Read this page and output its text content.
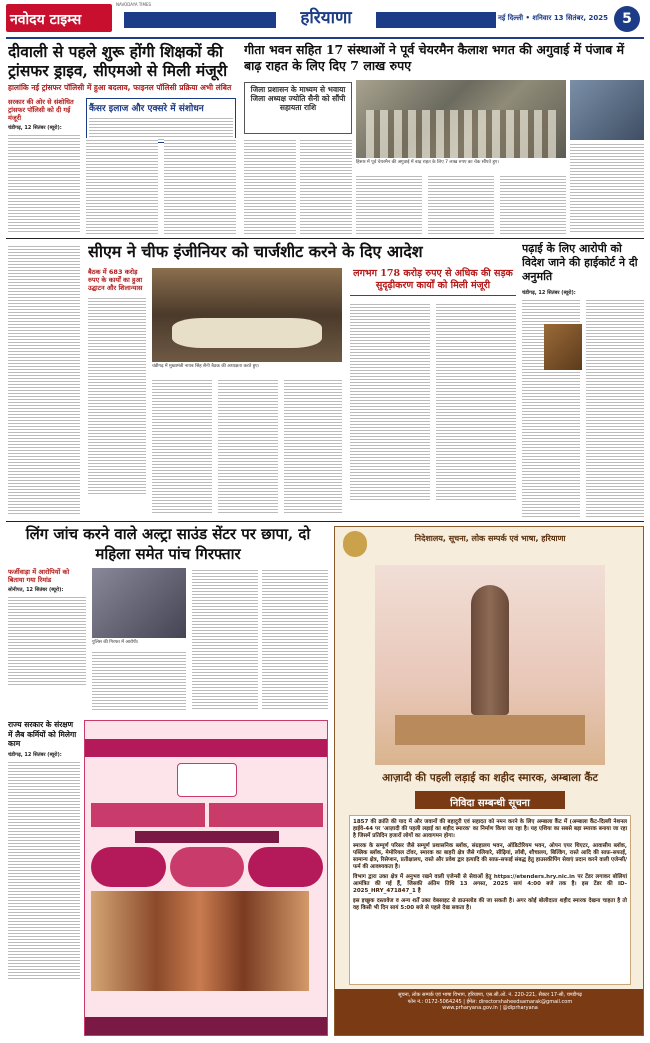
नवोदय टाइम्स
NAVODAYA TIMES
हरियाणा	नई दिल्ली • शनिवार 13 सितंबर, 2025	5
दीवाली से पहले शुरू होंगी शिक्षकों की ट्रांसफर ड्राइव, सीएमओ से मिली मंजूरी
हालांकि नई ट्रांसफर पॉलिसी में हुआ बदलाव, फाइनल पॉलिसी प्रक्रिया अभी लंबित
सरकार की ओर से संशोधित ट्रांसफर पॉलिसी को दी गई मंजूरी
चंडीगढ़, 12 सितंबर (ब्यूरो):
कैंसर इलाज और एक्सरे में संशोधन
गीता भवन सहित 17 संस्थाओं ने पूर्व चेयरमैन कैलाश भगत की अगुवाई में पंजाब में बाढ़ राहत के लिए दिए 7 लाख रुपए
जिला प्रशासन के माध्यम से भवाया जिला अध्यक्ष ज्योति सैनी को सौंपी सहायता राशि
हिसार में पूर्व चेयरमैन की अगुवाई में बाढ़ राहत के लिए 7 लाख रुपए का चेक सौंपते हुए।
सीएम ने चीफ इंजीनियर को चार्जशीट करने के दिए आदेश
बैठक में 683 करोड़ रुपए के कार्यों का हुआ उद्घाटन और शिलान्यास
चंडीगढ़ में मुख्यमंत्री नायब सिंह सैनी बैठक की अध्यक्षता करते हुए।
लगभग 178 करोड़ रुपए से अधिक की सड़क सुदृढ़ीकरण कार्यों को मिली मंजूरी
पढ़ाई के लिए आरोपी को विदेश जाने की हाईकोर्ट ने दी अनुमति
चंडीगढ़, 12 सितंबर (ब्यूरो):
लिंग जांच करने वाले अल्ट्रा साउंड सेंटर पर छापा, दो महिला समेत पांच गिरफ्तार
फर्जीवाड़ा में आरोपियों को बिताया गया रिमांड
सोनीपत, 12 सितंबर (ब्यूरो):
पुलिस की गिरफ्त में आरोपी।
राज्य सरकार के संरक्षण में लैब कर्मियों को मिलेगा काम
चंडीगढ़, 12 सितंबर (ब्यूरो):
निदेशालय, सूचना, लोक सम्पर्क एवं भाषा, हरियाणा
आज़ादी की पहली लड़ाई का शहीद स्मारक, अम्बाला कैंट
निविदा सम्बन्धी सूचना
1857 की क्रांति की याद में और जवानों की बहादुरी एवं सहादत को नमन करने के लिए अम्बाला कैंट में (अम्बाला कैंट-दिल्ली नेशनल हाईवे-44 पर 'आज़ादी की पहली लड़ाई का शहीद स्मारक' का निर्माण किया जा रहा है। यह एशिया का सबसे बड़ा स्मारक बनाया जा रहा है जिसमें प्रतिदिन हजारों लोगों का आवागमन होगा।
स्मारक के सम्पूर्ण परिसर जैसे सम्पूर्ण प्रशासनिक ब्लॉक, संग्रहालय भवन, ऑडिटोरियम भवन, ओपन एयर थिएटर, आवासीय ब्लॉक, पब्लिक ब्लॉक, मेमोरियल टॉवर, स्मारक का बाहरी क्षेत्र जैसे गलियारे, सीढ़ियां, लॉबी, शौचालय, बिल्डिंग, रास्ते आदि की साफ़-सफाई, सामान्य क्षेत्र, रिसेप्शन, प्रतीक्षालय, रास्ते और प्रवेश द्वार इत्यादि की साफ़-सफाई संबद्ध हेतु हाउसकीपिंग सेवाएं प्रदान करने वाली एजेन्सी/फर्म की आवश्यकता है।
विभाग द्वारा उक्त क्षेत्र में अनुभव रखने वाली एजेन्सी से सेवाओं हेतु https://etenders.hry.nic.in पर टेंडर लगाकर बोलियां आमंत्रित की गई हैं, जिसकी अंतिम तिथि 13 अगस्त, 2025 सायं 4:00 बजे तक है। इस टेंडर की ID-2025_HRY_471847_1 है
इस इच्छुक दस्तावेज व अन्य शर्तें उक्त वेबसाइट से डाउनलोड की जा सकती है। अगर कोई बोलीदाता शहीद स्मारक देखना चाहता है तो वह किसी भी दिन सायं 5:00 बजे से पहले देख सकता है।
सूचना, लोक सम्पर्क एवं भाषा विभाग, हरियाणा, एस.सी.ओ. नं. 220-221, सैक्टर 17-सी, चण्डीगढ़
फोन नं.: 0172-5064245 | ईमेल: directorshaheedsamarak@gmail.com
www.prharyana.gov.in | @diprharyana
